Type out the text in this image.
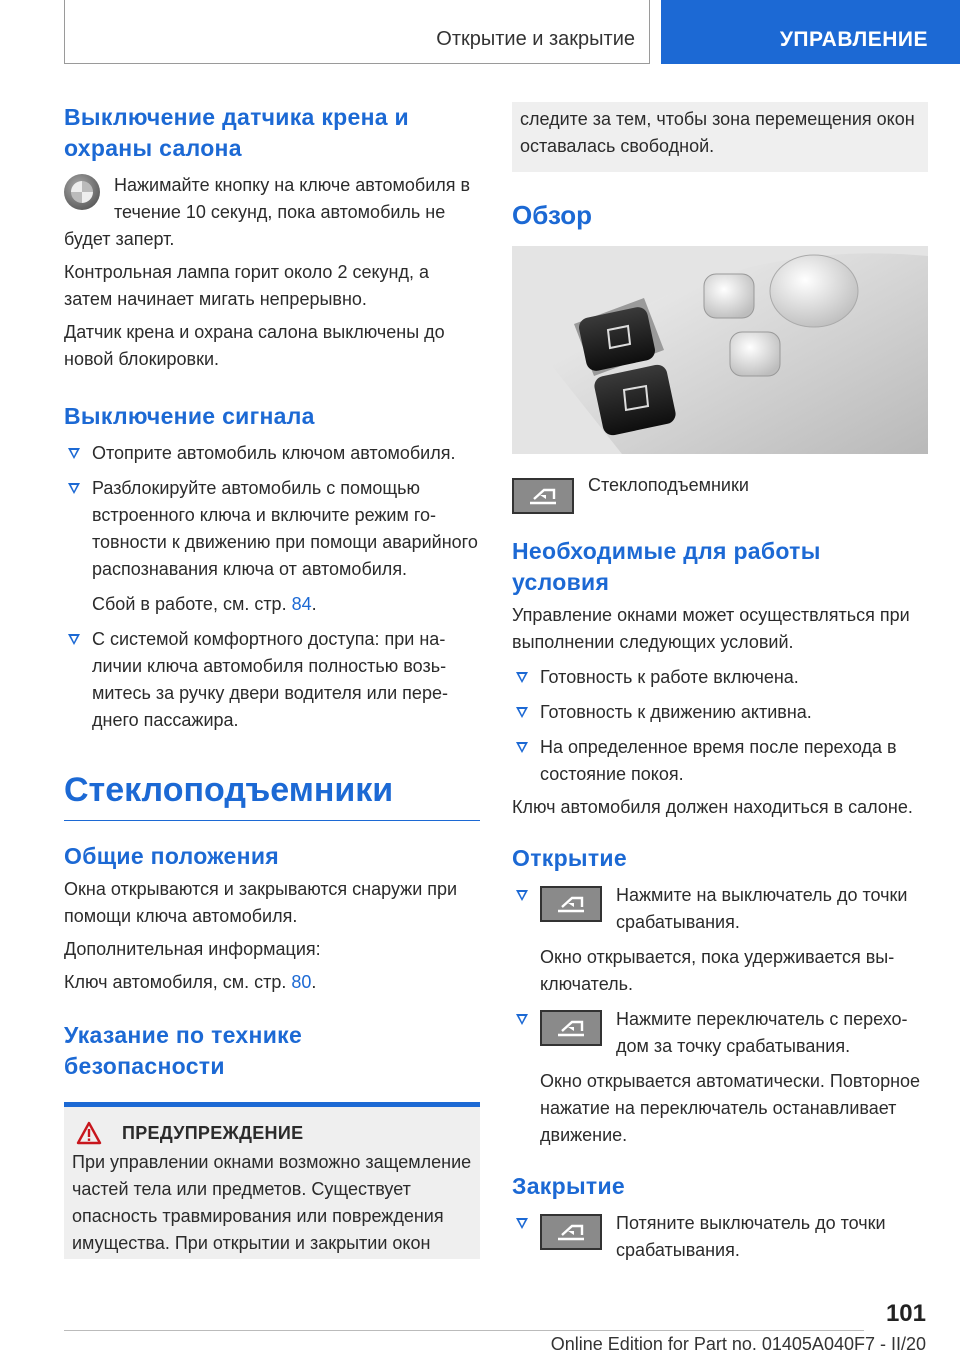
Открытие и закрытие	УПРАВЛЕНИЕ
Выключение датчика крена и охраны салона

Нажимайте кнопку на ключе автомобиля в течение 10 секунд, пока автомобиль не будет заперт.

Контрольная лампа горит около 2 секунд, а затем начинает мигать непрерывно.

Датчик крена и охрана салона выключены до новой блокировки.

Выключение сигнала
Отоприте автомобиль ключом автомобиля.
Разблокируйте автомобиль с помощью встроенного ключа и включите режим готовности к движению при помощи аварийного распознавания ключа от автомобиля.
Сбой в работе, см. стр. 84.
С системой комфортного доступа: при наличии ключа автомобиля полностью возьмитесь за ручку двери водителя или переднего пассажира.
Стеклоподъемники
Общие положения

Окна открываются и закрываются снаружи при помощи ключа автомобиля.

Дополнительная информация:

Ключ автомобиля, см. стр. 80.

Указание по технике безопасности
ПРЕДУПРЕЖДЕНИЕ

При управлении окнами возможно защемление частей тела или предметов. Существует опасность травмирования или повреждения имущества. При открытии и закрытии окон

следите за тем, чтобы зона перемещения окон оставалась свободной.

Обзор
Стеклоподъемники
Необходимые для работы условия

Управление окнами может осуществляться при выполнении следующих условий.

Готовность к работе включена.
Готовность к движению активна.
На определенное время после перехода в состояние покоя.

Ключ автомобиля должен находиться в салоне.

Открытие
Нажмите на выключатель до точки срабатывания.
Окно открывается, пока удерживается выключатель.
Нажмите переключатель с переходом за точку срабатывания.
Окно открывается автоматически. Повторное нажатие на переключатель останавливает движение.
Закрытие
Потяните выключатель до точки срабатывания.
101
Online Edition for Part no. 01405A040F7 - II/20
